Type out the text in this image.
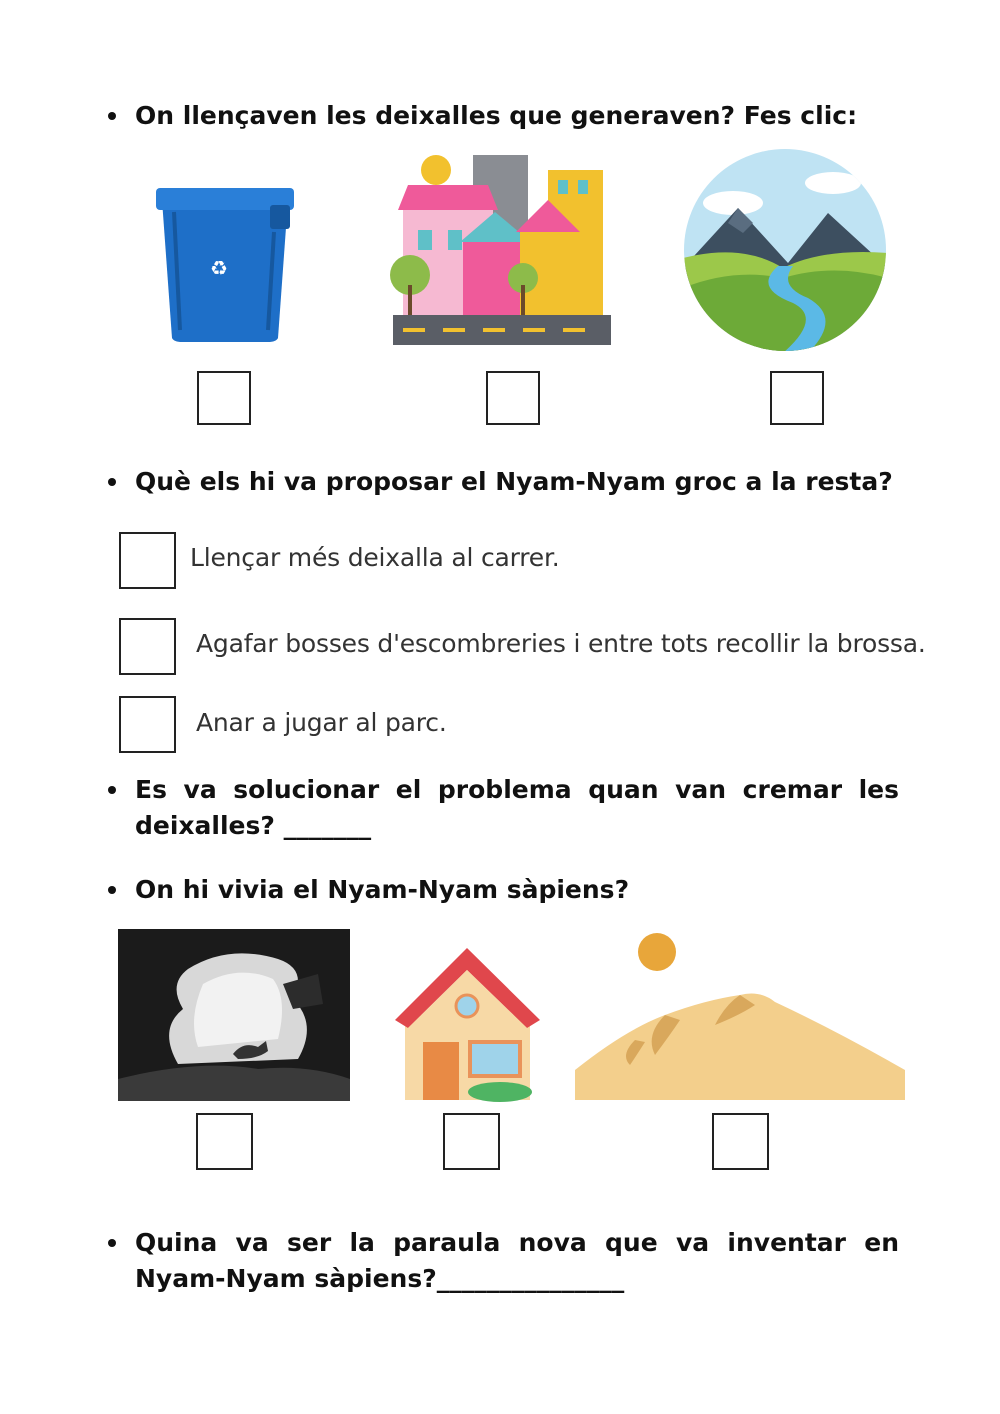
On llençaven les deixalles que generaven? Fes clic:
♻
Què els hi va proposar el Nyam-Nyam groc a la resta?
Llençar més deixalla al carrer.
Agafar bosses d'escombreries i entre tots recollir la brossa.
Anar a jugar al parc.
Es va solucionar el problema quan van cremar les deixalles? _______
On hi vivia el Nyam-Nyam sàpiens?
Quina va ser la paraula nova que va inventar en Nyam-Nyam sàpiens?_______________
